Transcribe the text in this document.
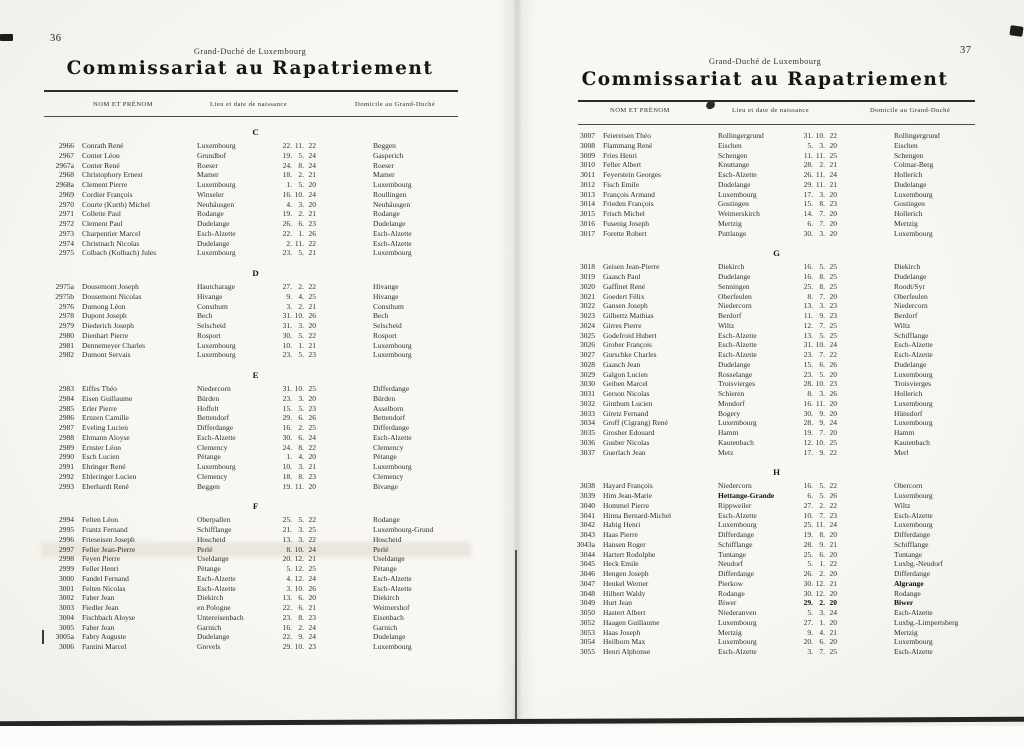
36
Grand-Duché de Luxembourg
Commissariat au Rapatriement
NOM ET PRÉNOM	Lieu et date de naissance	Domicile au Grand-Duché
C
2966	Conrath René	Luxembourg	22. 11. 22	Beggen
2967	Conter Léon	Grundhof	19. 5. 24	Gasperich
2967a	Conter René	Roeser	24. 8. 24	Roeser
2968	Christophory Ernest	Mamer	18. 2. 21	Mamer
2968a	Clement Pierre	Luxembourg	1. 5. 20	Luxembourg
2969	Cordier François	Winseler	16. 10. 24	Roullingen
2970	Courte (Kurth) Michel	Neuhäusgen	4. 3. 20	Neuhäusgen
2971	Collette Paul	Rodange	19. 2. 21	Rodange
2972	Clement Paul	Dudelange	26. 6. 23	Dudelange
2973	Charpentier Marcel	Esch-Alzette	22. 1. 26	Esch-Alzette
2974	Christnach Nicolas	Dudelange	2. 11. 22	Esch-Alzette
2975	Colbach (Kolbach) Jules	Luxembourg	23. 5. 21	Luxembourg
D
2975a	Dousemont Joseph	Hautcharage	27. 2. 22	Hivange
2975b	Dousemont Nicolas	Hivange	9. 4. 25	Hivange
2976	Dumong Léon	Consthum	3. 2. 21	Consthum
2978	Dupont Joseph	Bech	31. 10. 26	Bech
2979	Diederich Joseph	Selscheid	31. 3. 20	Selscheid
2980	Dienhart Pierre	Rosport	30. 5. 22	Rosport
2981	Dennemeyer Charles	Luxembourg	10. 1. 21	Luxembourg
2982	Dumont Servais	Luxembourg	23. 5. 23	Luxembourg
E
2983	Eiffes Théo	Niedercorn	31. 10. 25	Differdange
2984	Eisen Guillaume	Bürden	23. 3. 20	Bürden
2985	Erler Pierre	Hoffelt	15. 5. 23	Asselborn
2986	Ernzen Camille	Bettendorf	29. 6. 26	Bettendorf
2987	Eveling Lucien	Differdange	16. 2. 25	Differdange
2988	Ehmann Aloyse	Esch-Alzette	30. 6. 24	Esch-Alzette
2989	Ernster Léon	Clemency	24. 8. 22	Clemency
2990	Esch Lucien	Pétange	1. 4. 20	Pétange
2991	Ehringer René	Luxembourg	10. 3. 21	Luxembourg
2992	Ehleringer Lucien	Clemency	18. 8. 23	Clemency
2993	Eberhardt René	Beggen	19. 11. 20	Bivange
F
2994	Felten Léon	Oberpallen	25. 5. 22	Rodange
2995	Frantz Fernand	Schifflange	21. 3. 25	Luxembourg-Grund
2996	Frieseisen Joseph	Hoscheid	13. 3. 22	Hoscheid
2997	Feller Jean-Pierre	Perlé	8. 10. 24	Perlé
2998	Feyen Pierre	Useldange	20. 12. 21	Useldange
2999	Feller Henri	Pétange	5. 12. 25	Pétange
3000	Fandel Fernand	Esch-Alzette	4. 12. 24	Esch-Alzette
3001	Felten Nicolas	Esch-Alzette	3. 10. 26	Esch-Alzette
3002	Faber Jean	Diekirch	13. 6. 20	Diekirch
3003	Fiedler Jean	en Pologne	22. 6. 21	Weimershof
3004	Fischbach Aloyse	Untereisenbach	23. 8. 23	Eisenbach
3005	Faber Jean	Garnich	16. 2. 24	Garnich
3005a	Fabry Auguste	Dudelange	22. 9. 24	Dudelange
3006	Fantini Marcel	Grevels	29. 10. 23	Luxembourg
37
Grand-Duché de Luxembourg
Commissariat au Rapatriement
NOM ET PRÉNOM	Lieu et date de naissance	Domicile au Grand-Duché
3007	Feiereisen Théo	Rollingergrund	31. 10. 22	Rollingergrund
3008	Flammang René	Eischen	5. 3. 20	Eischen
3009	Fries Henri	Schengen	11. 11. 25	Schengen
3010	Feller Albert	Knuttange	28. 2. 21	Colmar-Berg
3011	Feyerstein Georges	Esch-Alzette	26. 11. 24	Hollerich
3012	Fisch Emile	Dudelange	29. 11. 21	Dudelange
3013	François Armand	Luxembourg	17. 3. 20	Luxembourg
3014	Frieden François	Gostingen	15. 8. 23	Gostingen
3015	Frisch Michel	Weimerskirch	14. 7. 20	Hollerich
3016	Fusenig Joseph	Mertzig	6. 7. 20	Mertzig
3017	Forette Robert	Puttlange	30. 3. 20	Luxembourg
G
3018	Geisen Jean-Pierre	Diekirch	16. 5. 25	Diekirch
3019	Gaasch Paul	Dudelange	16. 8. 25	Dudelange
3020	Gaffinet René	Senningen	25. 8. 25	Roodt/Syr
3021	Goedert Félix	Oberfeulen	8. 7. 20	Oberfeulen
3022	Gansen Joseph	Niedercorn	13. 3. 23	Niedercorn
3023	Gilbertz Mathias	Berdorf	11. 9. 23	Berdorf
3024	Girres Pierre	Wiltz	12. 7. 25	Wiltz
3025	Godefroid Hubert	Esch-Alzette	13. 5. 25	Schifflange
3026	Grober François	Esch-Alzette	31. 10. 24	Esch-Alzette
3027	Gurschke Charles	Esch-Alzette	23. 7. 22	Esch-Alzette
3028	Gaasch Jean	Dudelange	15. 6. 26	Dudelange
3029	Galgon Lucien	Rosselange	23. 5. 20	Luxembourg
3030	Geiben Marcel	Troisvierges	28. 10. 23	Troisvierges
3031	Gerson Nicolas	Schieren	8. 3. 26	Hollerich
3032	Ginthum Lucien	Mondorf	16. 11. 20	Luxembourg
3033	Giretz Fernand	Bogery	30. 9. 20	Hünsdorf
3034	Groff (Cigrang) René	Luxembourg	28. 9. 24	Luxembourg
3035	Grosber Edouard	Hamm	19. 7. 20	Hamm
3036	Gusber Nicolas	Kautenbach	12. 10. 25	Kautenbach
3037	Guerlach Jean	Metz	17. 9. 22	Merl
H
3038	Hayard François	Niedercorn	16. 5. 22	Obercorn
3039	Him Jean-Marie	Hettange-Grande	6. 5. 26	Luxembourg
3040	Hommel Pierre	Rippweiler	27. 2. 22	Wiltz
3041	Hinna Bernard-Michel	Esch-Alzette	10. 7. 23	Esch-Alzette
3042	Habig Henri	Luxembourg	25. 11. 24	Luxembourg
3043	Haas Pierre	Differdange	19. 8. 20	Differdange
3043a	Hansen Roger	Schifflange	28. 9. 21	Schifflange
3044	Hartert Rodolphe	Tuntange	25. 6. 20	Tuntange
3045	Heck Emile	Neudorf	5. 1. 22	Luxbg.-Neudorf
3046	Hengen Joseph	Differdange	26. 2. 20	Differdange
3047	Henkel Werner	Pierkow	30. 12. 21	Algrange
3048	Hilbert Waldy	Rodange	30. 12. 20	Rodange
3049	Hurt Jean	Biwer	29. 2. 20	Biwer
3050	Hastert Albert	Niederanven	5. 3. 24	Esch-Alzette
3052	Haagen Guillaume	Luxembourg	27. 1. 20	Luxbg.-Limpertsberg
3053	Haas Joseph	Mertzig	9. 4. 21	Mertzig
3054	Heilborn Max	Luxembourg	20. 6. 20	Luxembourg
3055	Henri Alphonse	Esch-Alzette	3. 7. 25	Esch-Alzette
